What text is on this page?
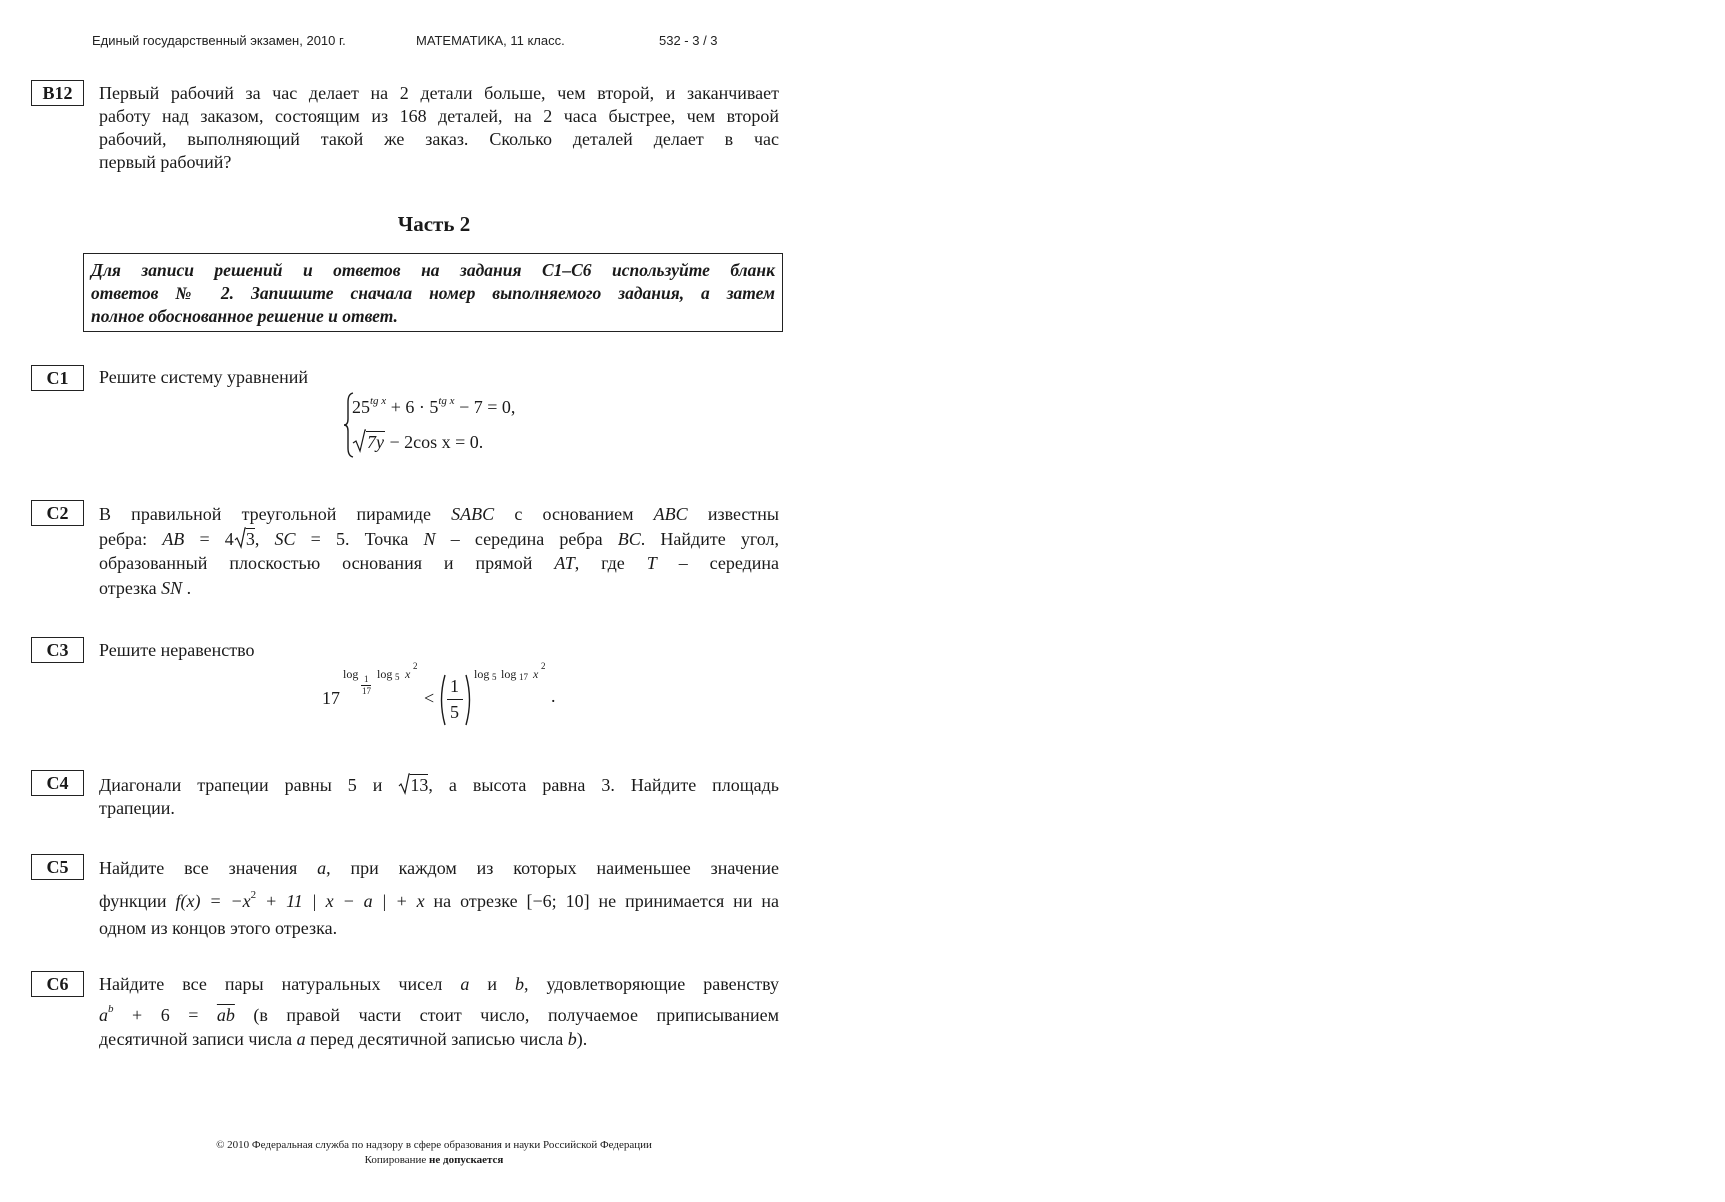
Единый государственный экзамен, 2010 г.	МАТЕМАТИКА, 11 класс.	532 - 3 / 3
B12	Первый рабочий за час делает на 2 детали больше, чем второй, и заканчивает
работу над заказом, состоящим из 168 деталей, на 2 часа быстрее, чем второй
рабочий, выполняющий такой же заказ. Сколько деталей делает в час
первый рабочий?
Часть 2
Для записи решений и ответов на задания C1–C6 используйте бланк
ответов № 2. Запишите сначала номер выполняемого задания, а затем
полное обоснованное решение и ответ.
C1	Решите систему уравнений
$25^{tg x} + 6 \cdot 5^{tg x} - 7 = 0$,
7y − 2cos x = 0.
C2	В правильной треугольной пирамиде SABC с основанием ABC известны
ребра: AB = 4 3, SC = 5. Точка N – середина ребра BC. Найдите угол,
образованный плоскостью основания и прямой AT, где T – середина
отрезка SN .
C3	Решите неравенство
17
log 1
17
log 5 x
2
<
1
5
log 5 log 17 x
2
.
C4	Диагонали трапеции равны 5 и 13, а высота равна 3. Найдите площадь
трапеции.
C5	Найдите все значения a, при каждом из которых наименьшее значение
функции $f(x) = -x^2 + 11$ | x − a | + x на отрезке [−6; 10] не принимается ни на
одном из концов этого отрезка.
C6	Найдите все пары натуральных чисел a и b, удовлетворяющие равенству
$a^b + 6 = \overline{ab}$ (в правой части стоит число, получаемое приписыванием
десятичной записи числа a перед десятичной записью числа b).
© 2010 Федеральная служба по надзору в сфере образования и науки Российской Федерации
Копирование не допускается
